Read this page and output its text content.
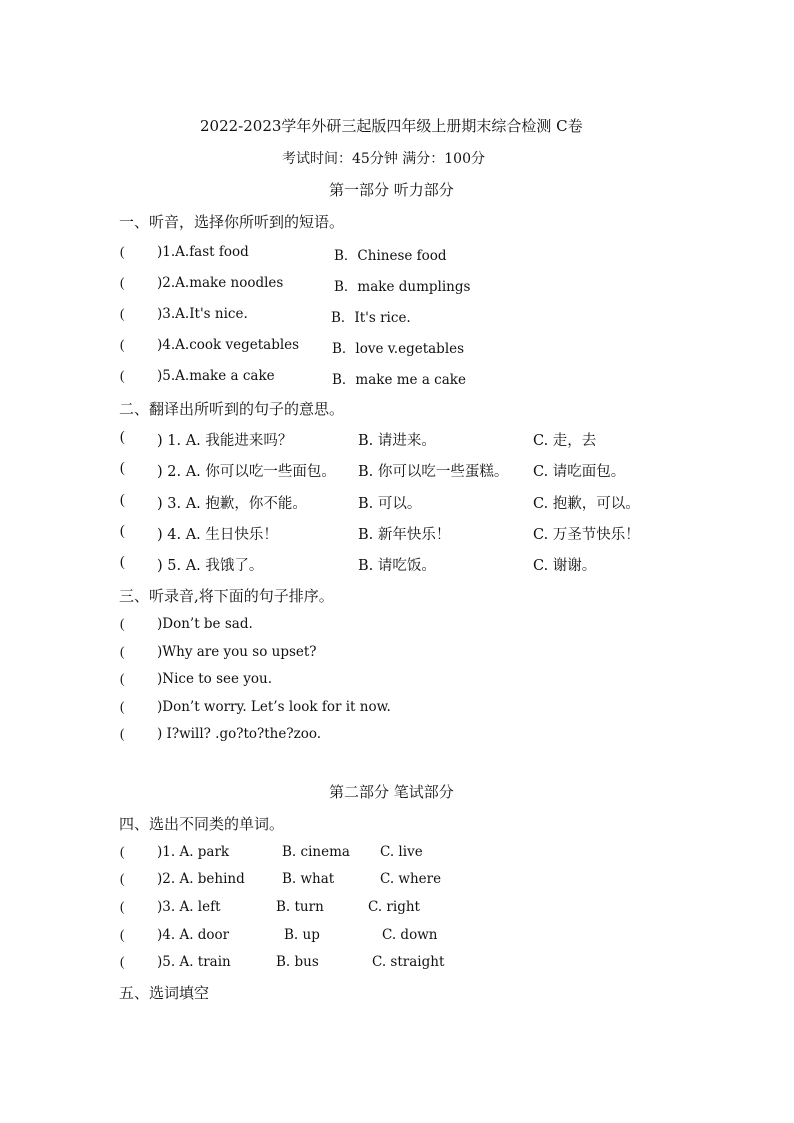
2022-2023学年外研三起版四年级上册期末综合检测 C卷
考试时间：45分钟 满分：100分
第一部分 听力部分
一、听音，选择你所听到的短语。
( )1.A.fast food	B．Chinese food
( )2.A.make noodles	B．make dumplings
( )3.A.It's nice.	B．It's rice.
( )4.A.cook vegetables B．love v.egetables
( )5.A.make a cake	B．make me a cake
二、翻译出所听到的句子的意思。
( ) 1. A. 我能进来吗？	B. 请进来。	C. 走，去
( ) 2. A. 你可以吃一些面包。 B. 你可以吃一些蛋糕。 C. 请吃面包。
( ) 3. A. 抱歉，你不能。	B. 可以。	C. 抱歉，可以。
( ) 4. A. 生日快乐！	B. 新年快乐！	C. 万圣节快乐！
( ) 5. A. 我饿了。	B. 请吃饭。	C. 谢谢。
三、听录音,将下面的句子排序。
( )Don’t be sad.
( )Why are you so upset?
( )Nice to see you.
( )Don’t worry. Let’s look for it now.
( ) I?will? .go?to?the?zoo.
第二部分 笔试部分
四、选出不同类的单词。
( )1. A. park	B. cinema C. live
( )2. A. behind	B. what	C. where
( )3. A. left	B. turn	C. right
( )4. A. door	B. up	C. down
( )5. A. train	B. bus	C. straight
五、选词填空
